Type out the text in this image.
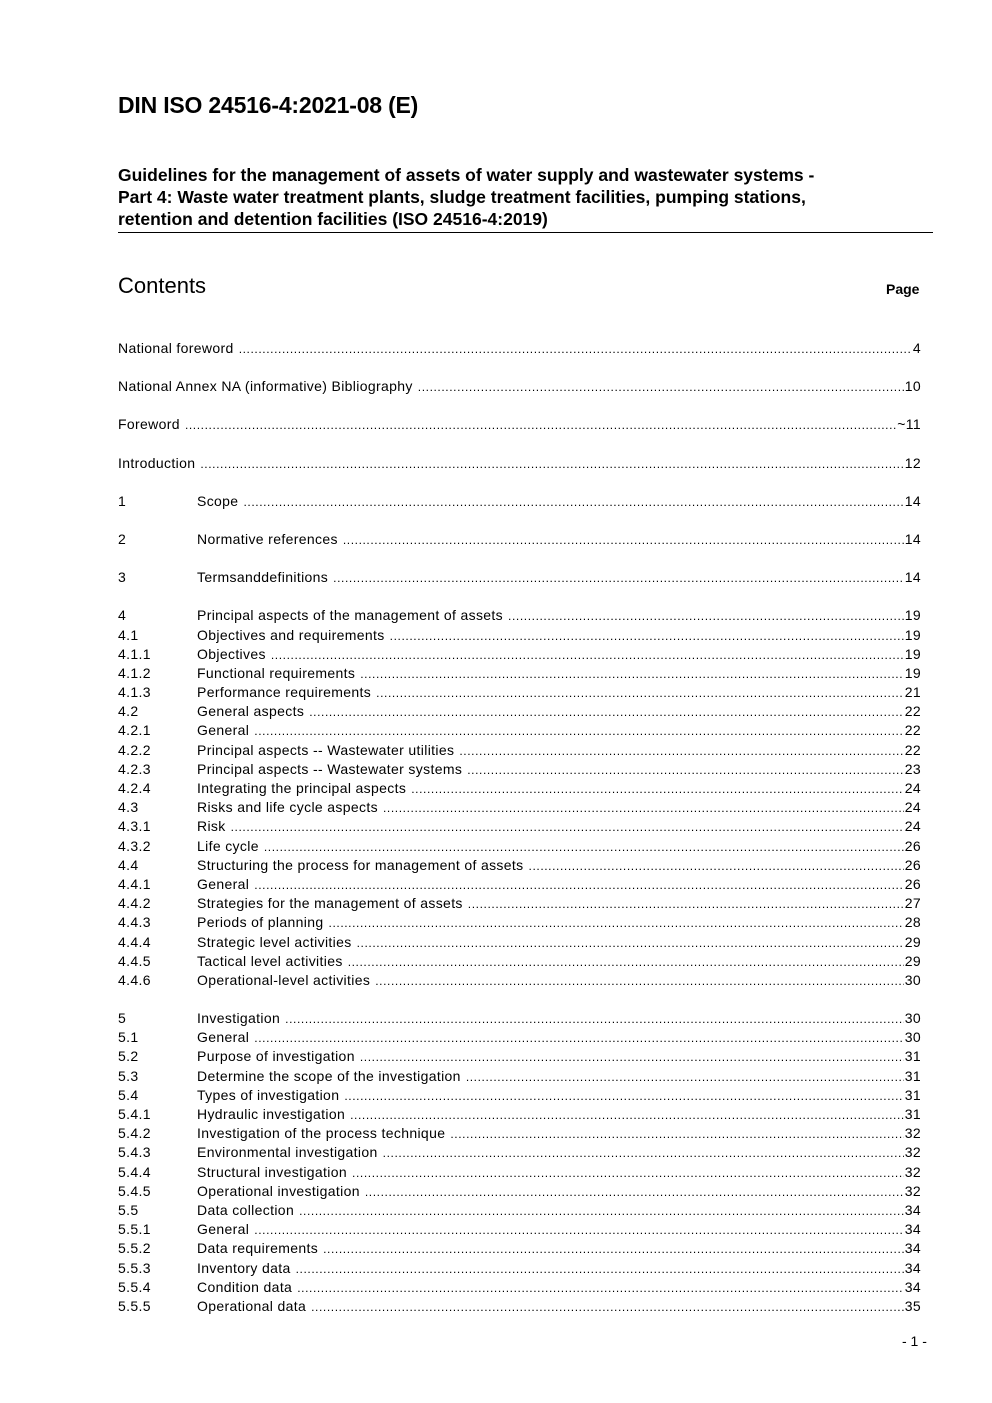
DIN ISO 24516-4:2021-08 (E)
Guidelines for the management of assets of water supply and wastewater systems -
Part 4: Waste water treatment plants, sludge treatment facilities, pumping stations,
retention and detention facilities (ISO 24516-4:2019)
Contents	Page
National foreword .....	4
National Annex NA (informative) Bibliography .....	10
Foreword .....	~11
Introduction .....	12
1	Scope .....	14
2	Normative references .....	14
3	Termsanddefinitions .....	14
4	Principal aspects of the management of assets .....	19
4.1	Objectives and requirements .....	19
4.1.1	Objectives .....	19
4.1.2	Functional requirements .....	19
4.1.3	Performance requirements .....	21
4.2	General aspects .....	22
4.2.1	General .....	22
4.2.2	Principal aspects -- Wastewater utilities .....	22
4.2.3	Principal aspects -- Wastewater systems .....	23
4.2.4	Integrating the principal aspects .....	24
4.3	Risks and life cycle aspects .....	24
4.3.1	Risk .....	24
4.3.2	Life cycle .....	26
4.4	Structuring the process for management of assets .....	26
4.4.1	General .....	26
4.4.2	Strategies for the management of assets .....	27
4.4.3	Periods of planning .....	28
4.4.4	Strategic level activities .....	29
4.4.5	Tactical level activities .....	29
4.4.6	Operational-level activities .....	30
5	Investigation .....	30
5.1	General .....	30
5.2	Purpose of investigation .....	31
5.3	Determine the scope of the investigation .....	31
5.4	Types of investigation .....	31
5.4.1	Hydraulic investigation .....	31
5.4.2	Investigation of the process technique .....	32
5.4.3	Environmental investigation .....	32
5.4.4	Structural investigation .....	32
5.4.5	Operational investigation .....	32
5.5	Data collection .....	34
5.5.1	General .....	34
5.5.2	Data requirements .....	34
5.5.3	Inventory data .....	34
5.5.4	Condition data .....	34
5.5.5	Operational data .....	35
- 1 -
